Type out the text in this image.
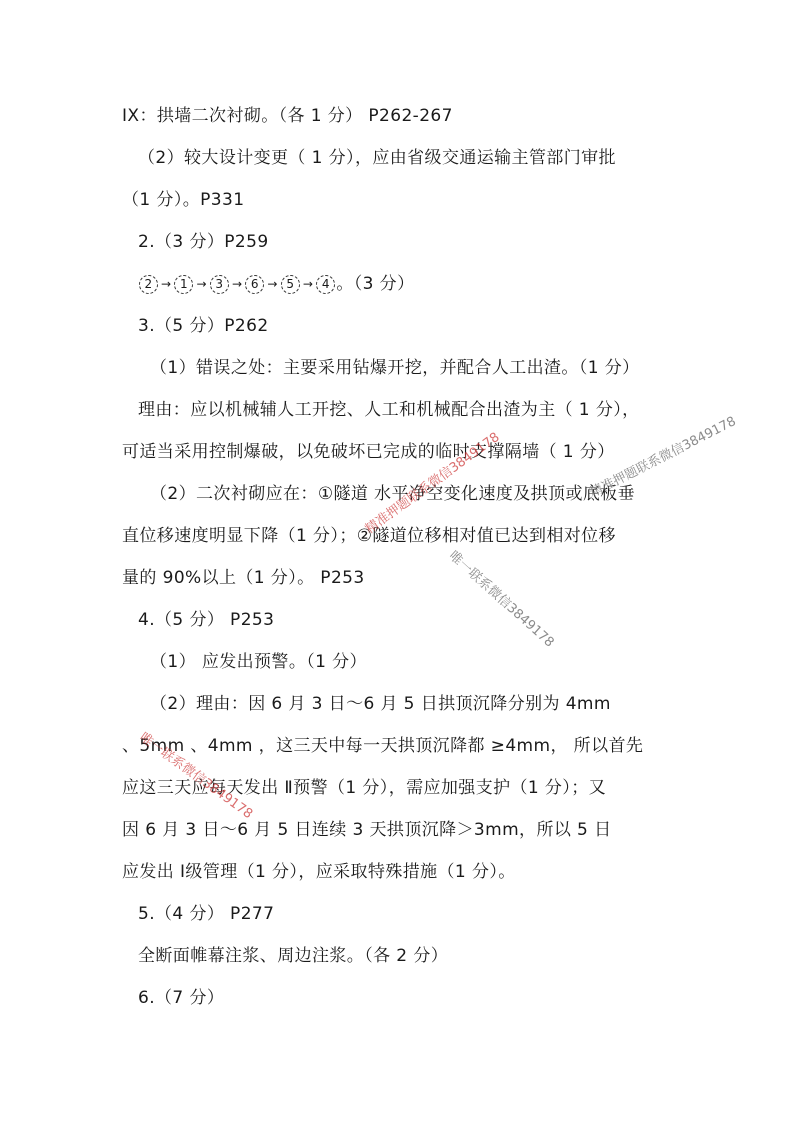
IX：拱墙二次衬砌。（各 1 分） P262-267
（2）较大设计变更（ 1 分），应由省级交通运输主管部门审批
（1 分）。P331
2.（3 分）P259
2 → 1 → 3 → 6 → 5 → 4 。（3 分）
3.（5 分）P262
（1）错误之处：主要采用钻爆开挖，并配合人工出渣。（1 分）
理由：应以机械辅人工开挖、人工和机械配合出渣为主（ 1 分），
可适当采用控制爆破，以免破坏已完成的临时支撑隔墙（ 1 分）
（2）二次衬砌应在：①隧道 水平净空变化速度及拱顶或底板垂
直位移速度明显下降（1 分）；②隧道位移相对值已达到相对位移
量的 90%以上（1 分）。 P253
4.（5 分） P253
（1） 应发出预警。（1 分）
（2）理由：因 6 月 3 日～6 月 5 日拱顶沉降分别为 4mm
、5mm 、4mm ，这三天中每一天拱顶沉降都 ≥4mm， 所以首先
应这三天应每天发出 Ⅱ预警（1 分），需应加强支护（1 分）；又
因 6 月 3 日～6 月 5 日连续 3 天拱顶沉降＞3mm，所以 5 日
应发出 Ⅰ级管理（1 分），应采取特殊措施（1 分）。
5.（4 分） P277
全断面帷幕注浆、周边注浆。（各 2 分）
6.（7 分）
精准押题联系微信3849178	精准押题联系微信3849178
唯一联系微信3849178
唯一联系微信3849178
